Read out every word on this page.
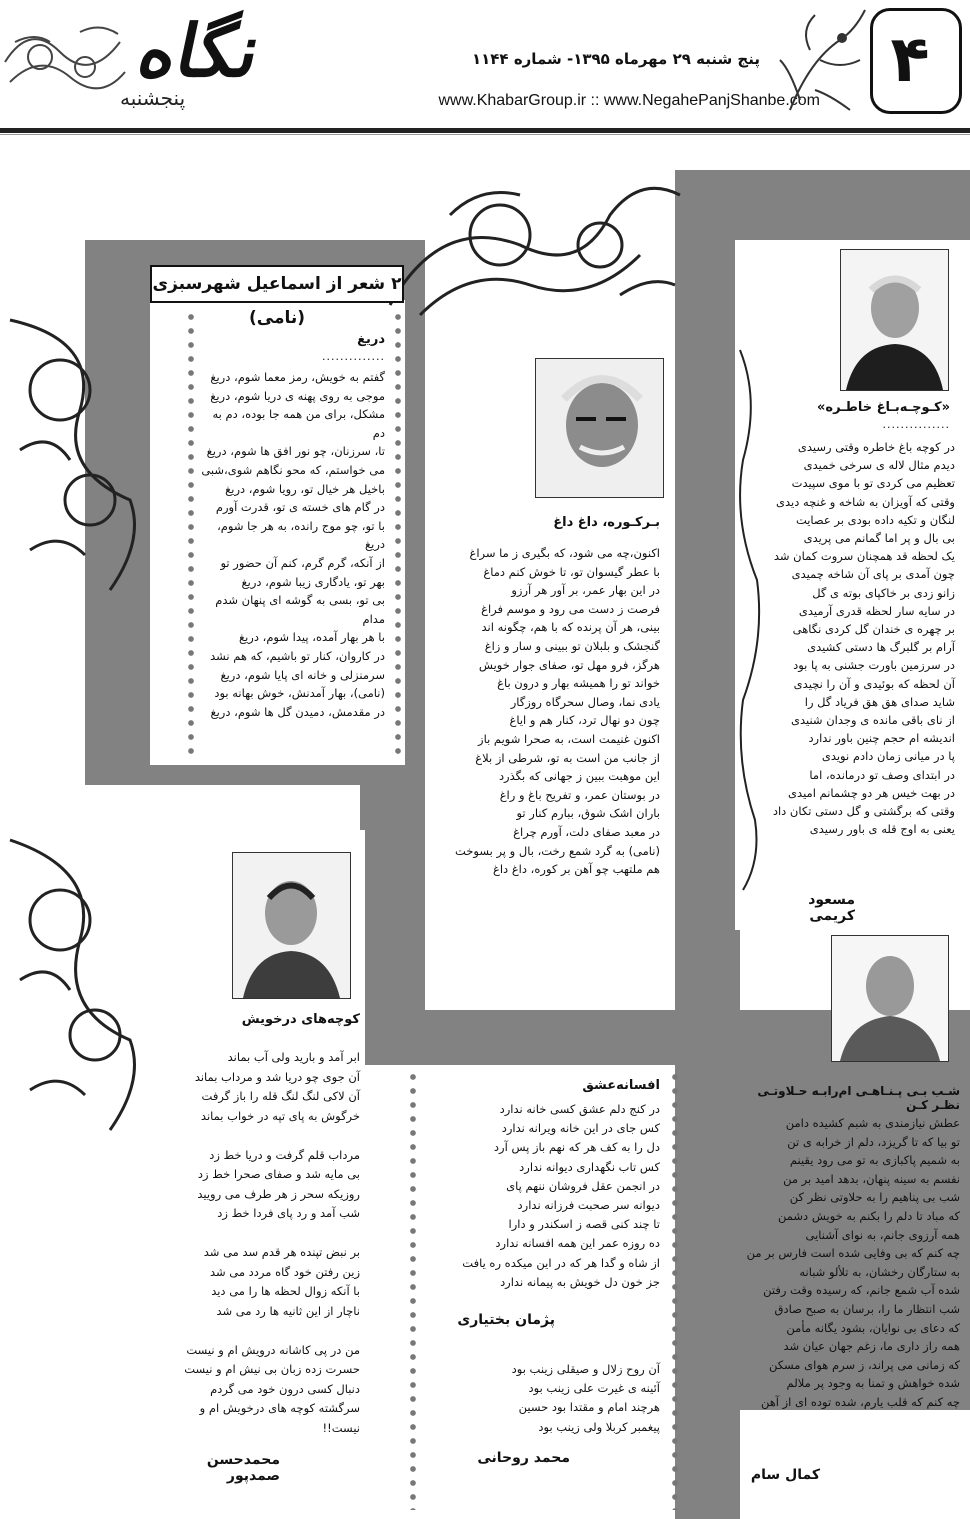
نگاه
پنجشنبه
پنج شنبه ۲۹ مهرماه ۱۳۹۵- شماره ۱۱۴۴
www.KhabarGroup.ir :: www.NegahePanjShanbe.com
۴
۲ شعر از اسماعیل شهرسبزی (نامی)
دریغ
..............
گفتم به خویش، رمز معما شوم، دریغ
موجی به روی پهنه ی دریا شوم، دریغ
مشکل، برای من همه جا بوده، دم به دم
تا، سرزنان، چو نور افق ها شوم، دریغ
می خواستم، که محو نگاهم شوی،شبی
باخیل هر خیال تو، رویا شوم، دریغ
در گام های خسته ی تو، قدرت آورم
با تو، چو موج رانده، به هر جا شوم، دریغ
از آنکه، گرم گرم، کنم آن حضور تو
بهر تو، یادگاری زیبا شوم، دریغ
بی تو، بسی به گوشه ای پنهان شدم مدام
با هر بهار آمده، پیدا شوم، دریغ
در کاروان، کنار تو باشیم، که هم نشد
سرمنزلی و خانه ای پایا شوم، دریغ
(نامی)، بهار آمدنش، خوش بهانه بود
در مقدمش، دمیدن گل ها شوم، دریغ
کوچه‌های درخویش
ابر آمد و بارید ولی آب بماند
آن جوی چو دریا شد و مرداب بماند
آن لاکی لنگ لنگ قله را باز گرفت
خرگوش به پای تپه در خواب بماند

مرداب قلم گرفت و دریا خط زد
بی مایه شد و صفای صحرا خط زد
روزیکه سحر ز هر طرف می رویید
شب آمد و رد پای فردا خط زد

بر نبض تپنده هر قدم سد می شد
زین رفتن خود گاه مردد می شد
با آنکه زوال لحظه ها را می دید
ناچار از این ثانیه ها رد می شد

من در پی کاشانه درویش ام و نیست
حسرت زده زبان بی نیش ام و نیست
دنبال کسی درون خود می گردم
سرگشته کوچه های درخویش ام و نیست!!
محمدحسن صمدپور
بـرکـوره، داغ داغ
اکنون،چه می شود، که بگیری ز ما سراغ
با عطر گیسوان تو، تا خوش کنم دماغ
در این بهار عمر، بر آور هر آرزو
فرصت ز دست می رود و موسم فراغ
بینی، هر آن پرنده که با هم، چگونه اند
گنجشک و بلبلان تو ببینی و سار و زاغ
هرگز، فرو مهل تو، صفای جوار خویش
خواند تو را همیشه بهار و درون باغ
یادی نما، وصال سحرگاه روزگار
چون دو نهال ترد، کنار هم و ایاغ
اکنون غنیمت است، به صحرا شویم باز
از جانب من است به تو، شرطی از بلاغ
این موهبت ببین ز جهانی که بگذرد
در بوستان عمر، و تفریح باغ و راغ
باران اشک شوق، ببارم کنار تو
در معبد صفای دلت، آورم چراغ
(نامی) به گرد شمع رخت، بال و پر بسوخت
هم ملتهب چو آهن بر کوره، داغ داغ
افسانه‌عشق
در کنج دلم عشق کسی خانه ندارد
کس جای در این خانه ویرانه ندارد
دل را به کف هر که نهم باز پس آرد
کس تاب نگهداری دیوانه ندارد
در انجمن عقل فروشان ننهم پای
دیوانه سر صحبت فرزانه ندارد
تا چند کنی قصه ز اسکندر و دارا
ده روزه عمر این همه افسانه ندارد
از شاه و گدا هر که در این میکده ره یافت
جز خون دل خویش به پیمانه ندارد
پژمان بختیاری
آن روح زلال و صیقلی زینب بود
آئینه ی غیرت علی زینب بود
هرچند امام و مقتدا بود حسین
پیغمبر کربلا ولی زینب بود
محمد روحانی
«کـوچـه‌بـاغ خاطـره»
...............
در کوچه باغ خاطره وقتی رسیدی
دیدم مثال لاله ی سرخی خمیدی
تعظیم می کردی تو با موی سپیدت
وقتی که آویزان به شاخه و غنچه دیدی
لنگان و تکیه داده بودی بر عصایت
بی بال و پر اما گمانم می پریدی
یک لحظه قد همچنان سروت کمان شد
چون آمدی بر پای آن شاخه چمیدی
زانو زدی بر خاکپای بوته ی گل
در سایه سار لحظه قدری آرمیدی
بر چهره ی خندان گل کردی نگاهی
آرام بر گلبرگ ها دستی کشیدی
در سرزمین باورت جشنی به پا بود
آن لحظه که بوئیدی و آن را نچیدی
شاید صدای هق هق فریاد گل را
از نای باقی مانده ی وجدان شنیدی
اندیشه ام حجم چنین باور ندارد
پا در میانی زمان دادم نویدی
در ابتدای وصف تو درمانده، اما
در بهت خیس هر دو چشمانم امیدی
وقتی که برگشتی و گل دستی تکان داد
یعنی به اوج قله ی باور رسیدی
مسعود کریمی
شـب بـی پـنـاهـی ام‌را‌بـه حـلاوتـی نظـر کـن
عطش نیازمندی به شبم کشیده دامن
تو بیا که تا گریزد، دلم از خرابه ی تن
به شمیم پاکبازی به تو می رود یقینم
نفسم به سینه پنهان، بدهد امید بر من
شب بی پناهیم را به حلاوتی نظر کن
که مباد تا دلم را بکنم به خویش دشمن
همه آرزوی جانم، به نوای آشنایی
چه کنم که بی وفایی شده است فارس بر من
به ستارگان رخشان، به تلألو شبانه
شده آب شمع جانم، که رسیده وقت رفتن
شب انتظار ما را، برسان به صبح صادق
که دعای بی نوایان، بشود یگانه مأمن
همه راز داری ما، زغم جهان عیان شد
که زمانی می پراند، ز سرم هوای مسکن
شده خواهش و تمنا به وجود پر ملالم
چه کنم که قلب یارم، شده توده ای از آهن
کمال سام
